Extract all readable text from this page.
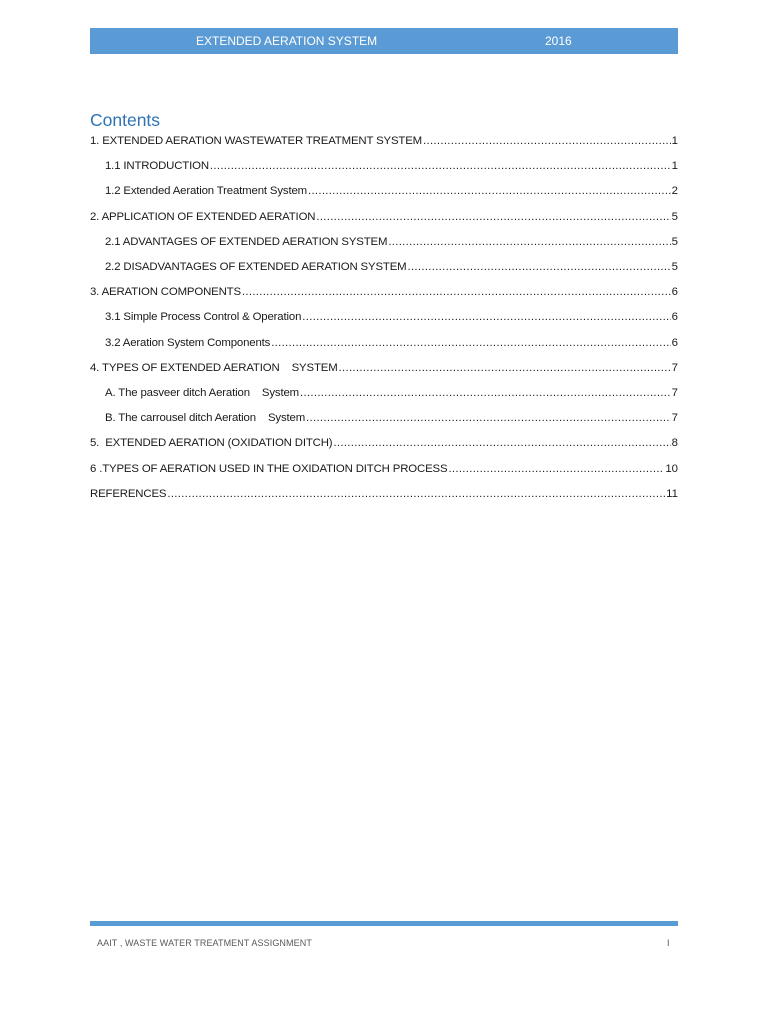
EXTENDED AERATION SYSTEM	2016
Contents
1. EXTENDED AERATION WASTEWATER TREATMENT SYSTEM .....	1
1.1 INTRODUCTION .....	1
1.2 Extended Aeration Treatment System .....	2
2. APPLICATION OF EXTENDED AERATION .....	5
2.1 ADVANTAGES OF EXTENDED AERATION SYSTEM .....	5
2.2 DISADVANTAGES OF EXTENDED AERATION SYSTEM .....	5
3. AERATION COMPONENTS .....	6
3.1 Simple Process Control & Operation .....	6
3.2 Aeration System Components .....	6
4. TYPES OF EXTENDED AERATION    SYSTEM .....	7
A. The pasveer ditch Aeration    System .....	7
B. The carrousel ditch Aeration    System .....	7
5.  EXTENDED AERATION (OXIDATION DITCH) .....	8
6 .TYPES OF AERATION USED IN THE OXIDATION DITCH PROCESS .....	10
REFERENCES .....	11
AAIT , WASTE WATER TREATMENT ASSIGNMENT	I
